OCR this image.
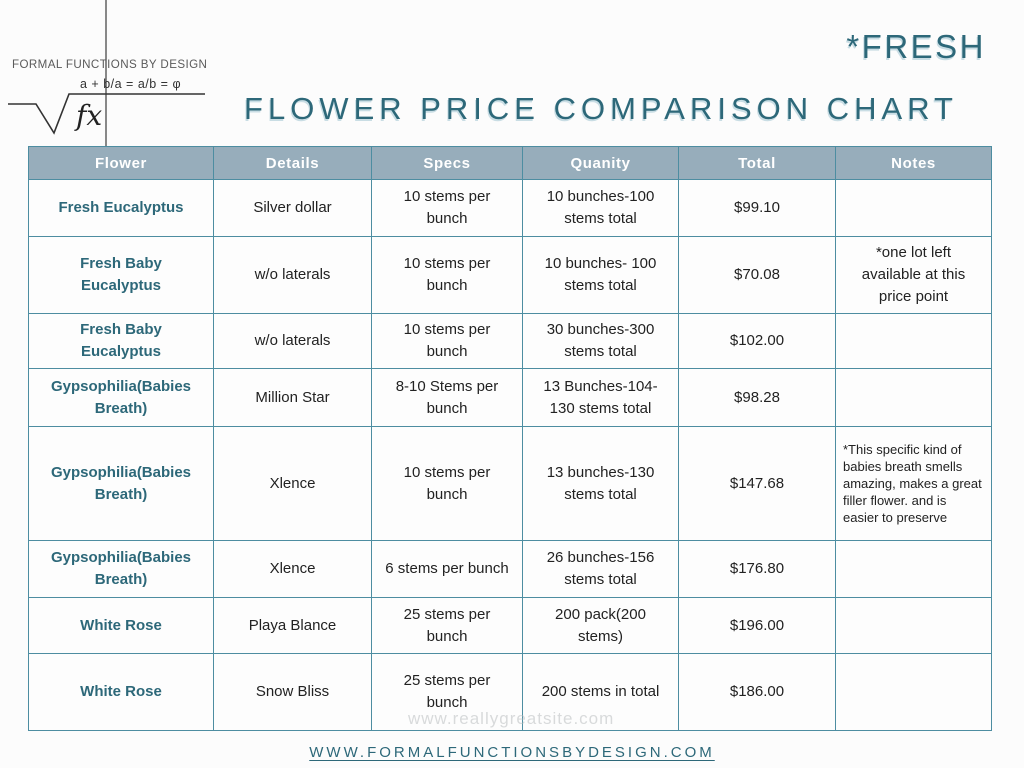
FORMAL FUNCTIONS BY DESIGN
a + b/a = a/b = φ
fx
*FRESH
FLOWER PRICE COMPARISON CHART
Flower	Details	Specs	Quanity	Total	Notes
Fresh Eucalyptus	Silver dollar	10 stems per bunch	10 bunches-100 stems total	$99.10	
Fresh Baby Eucalyptus	w/o laterals	10 stems per bunch	10 bunches- 100 stems total	$70.08	*one lot left available at this price point
Fresh Baby Eucalyptus	w/o laterals	10 stems per bunch	30 bunches-300 stems total	$102.00	
Gypsophilia(Babies Breath)	Million Star	8-10 Stems per bunch	13 Bunches-104-130 stems total	$98.28	
Gypsophilia(Babies Breath)	Xlence	10 stems per bunch	13 bunches-130 stems total	$147.68	*This specific kind of babies breath smells amazing, makes a great filler flower. and is easier to preserve
Gypsophilia(Babies Breath)	Xlence	6 stems per bunch	26 bunches-156 stems total	$176.80	
White Rose	Playa Blance	25 stems per bunch	200 pack(200 stems)	$196.00	
White Rose	Snow Bliss	25 stems per bunch	200 stems in total	$186.00	
www.reallygreatsite.com
WWW.FORMALFUNCTIONSBYDESIGN.COM
